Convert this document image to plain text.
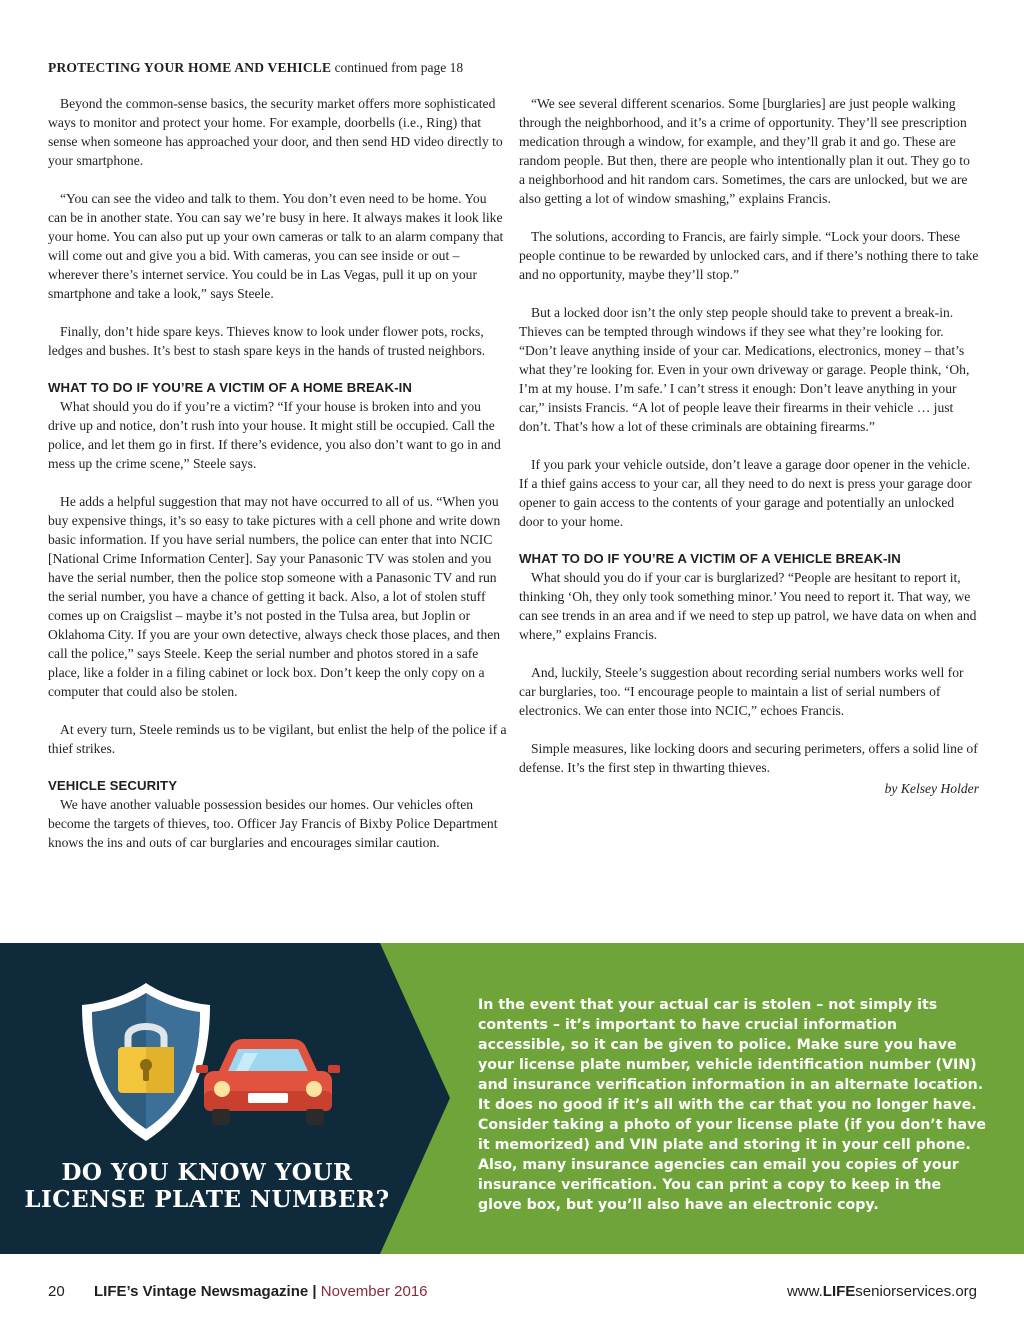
PROTECTING YOUR HOME AND VEHICLE continued from page 18

Beyond the common-sense basics, the security market offers more sophisticated ways to monitor and protect your home. For example, doorbells (i.e., Ring) that sense when someone has approached your door, and then send HD video directly to your smartphone.

“You can see the video and talk to them. You don’t even need to be home. You can be in another state. You can say we’re busy in here. It always makes it look like your home. You can also put up your own cameras or talk to an alarm company that will come out and give you a bid. With cameras, you can see inside or out – wherever there’s internet service. You could be in Las Vegas, pull it up on your smartphone and take a look,” says Steele.

Finally, don’t hide spare keys. Thieves know to look under flower pots, rocks, ledges and bushes. It’s best to stash spare keys in the hands of trusted neighbors.

WHAT TO DO IF YOU’RE A VICTIM OF A HOME BREAK-IN

What should you do if you’re a victim? “If your house is broken into and you drive up and notice, don’t rush into your house. It might still be occupied. Call the police, and let them go in first. If there’s evidence, you also don’t want to go in and mess up the crime scene,” Steele says.

He adds a helpful suggestion that may not have occurred to all of us. “When you buy expensive things, it’s so easy to take pictures with a cell phone and write down basic information. If you have serial numbers, the police can enter that into NCIC [National Crime Information Center]. Say your Panasonic TV was stolen and you have the serial number, then the police stop someone with a Panasonic TV and run the serial number, you have a chance of getting it back. Also, a lot of stolen stuff comes up on Craigslist – maybe it’s not posted in the Tulsa area, but Joplin or Oklahoma City. If you are your own detective, always check those places, and then call the police,” says Steele. Keep the serial number and photos stored in a safe place, like a folder in a filing cabinet or lock box. Don’t keep the only copy on a computer that could also be stolen.

At every turn, Steele reminds us to be vigilant, but enlist the help of the police if a thief strikes.

VEHICLE SECURITY

We have another valuable possession besides our homes. Our vehicles often become the targets of thieves, too. Officer Jay Francis of Bixby Police Department knows the ins and outs of car burglaries and encourages similar caution.

“We see several different scenarios. Some [burglaries] are just people walking through the neighborhood, and it’s a crime of opportunity. They’ll see prescription medication through a window, for example, and they’ll grab it and go. These are random people. But then, there are people who intentionally plan it out. They go to a neighborhood and hit random cars. Sometimes, the cars are unlocked, but we are also getting a lot of window smashing,” explains Francis.

The solutions, according to Francis, are fairly simple. “Lock your doors. These people continue to be rewarded by unlocked cars, and if there’s nothing there to take and no opportunity, maybe they’ll stop.”

But a locked door isn’t the only step people should take to prevent a break-in. Thieves can be tempted through windows if they see what they’re looking for. “Don’t leave anything inside of your car. Medications, electronics, money – that’s what they’re looking for. Even in your own driveway or garage. People think, ‘Oh, I’m at my house. I’m safe.’ I can’t stress it enough: Don’t leave anything in your car,” insists Francis. “A lot of people leave their firearms in their vehicle … just don’t. That’s how a lot of these criminals are obtaining firearms.”

If you park your vehicle outside, don’t leave a garage door opener in the vehicle. If a thief gains access to your car, all they need to do next is press your garage door opener to gain access to the contents of your garage and potentially an unlocked door to your home.

WHAT TO DO IF YOU’RE A VICTIM OF A VEHICLE BREAK-IN

What should you do if your car is burglarized? “People are hesitant to report it, thinking ‘Oh, they only took something minor.’ You need to report it. That way, we can see trends in an area and if we need to step up patrol, we have data on when and where,” explains Francis.

And, luckily, Steele’s suggestion about recording serial numbers works well for car burglaries, too. “I encourage people to maintain a list of serial numbers of electronics. We can enter those into NCIC,” echoes Francis.

Simple measures, like locking doors and securing perimeters, offers a solid line of defense. It’s the first step in thwarting thieves.

by Kelsey Holder

DO YOU KNOW YOUR
LICENSE PLATE NUMBER?
In the event that your actual car is stolen – not simply its contents – it’s important to have crucial information accessible, so it can be given to police. Make sure you have your license plate number, vehicle identification number (VIN) and insurance verification information in an alternate location. It does no good if it’s all with the car that you no longer have. Consider taking a photo of your license plate (if you don’t have it memorized) and VIN plate and storing it in your cell phone. Also, many insurance agencies can email you copies of your insurance verification. You can print a copy to keep in the glove box, but you’ll also have an electronic copy.
20 LIFE’s Vintage Newsmagazine | November 2016	www.LIFEseniorservices.org
